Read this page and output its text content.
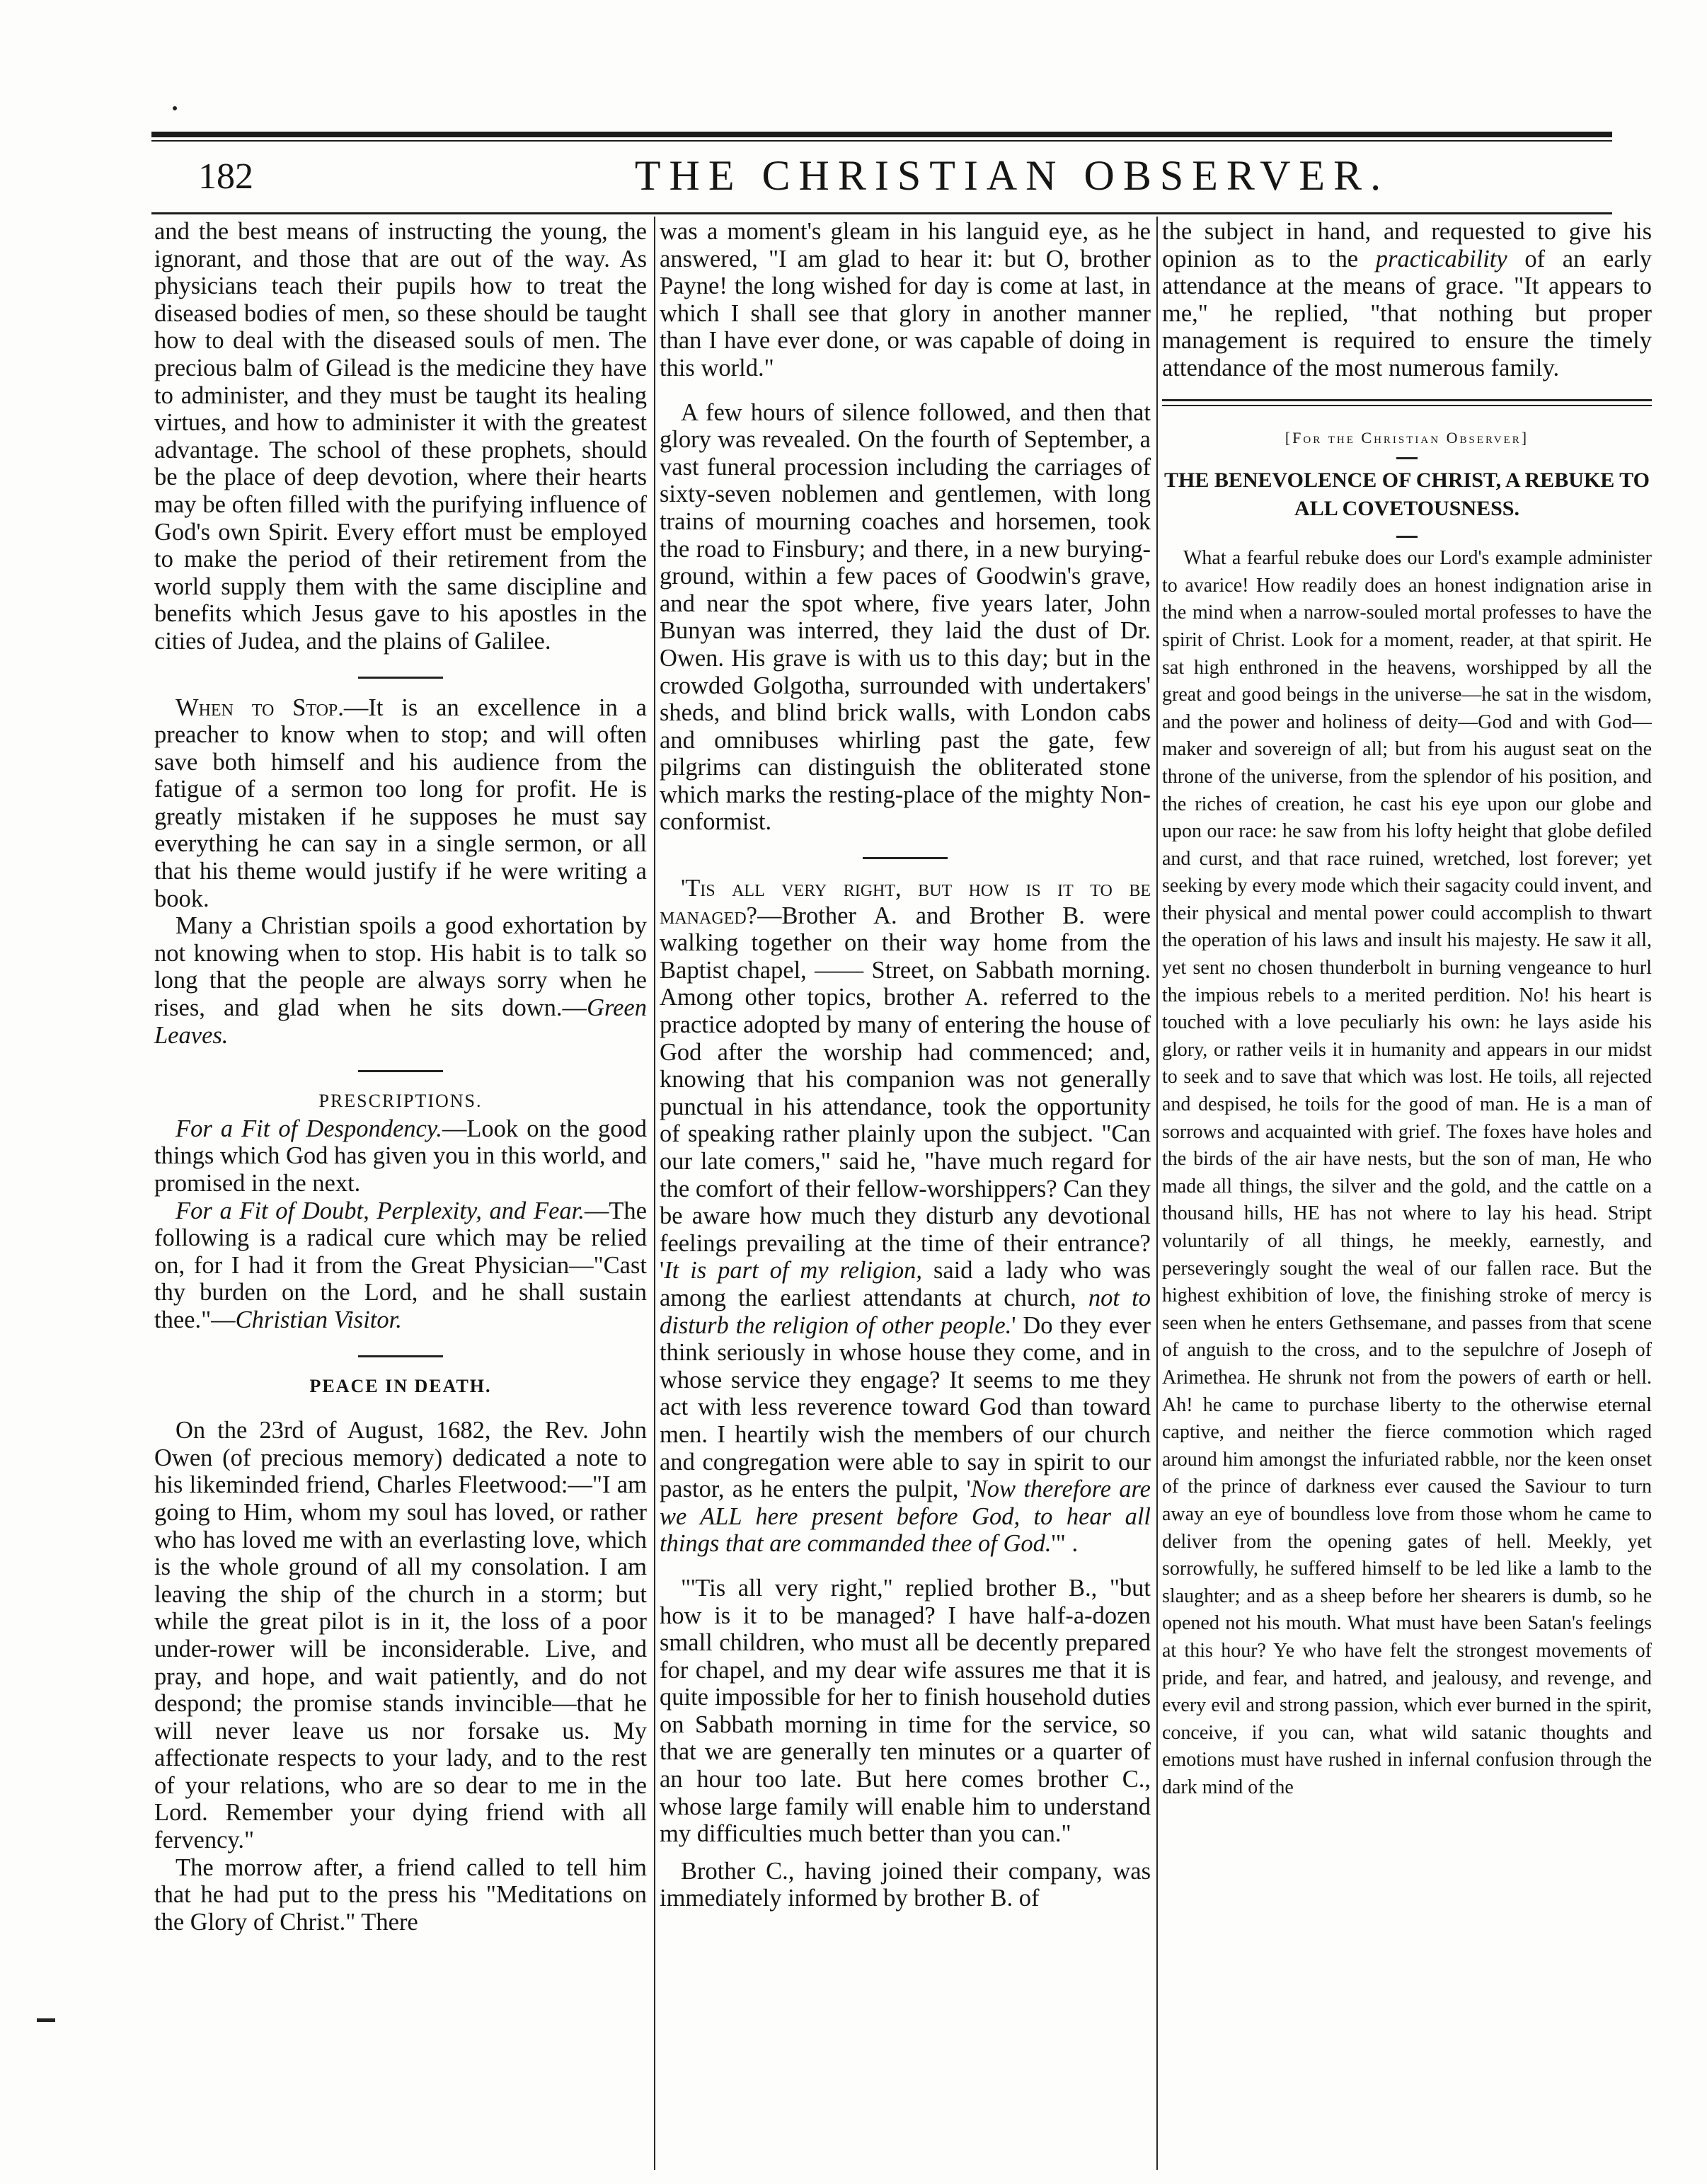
182	THE CHRISTIAN OBSERVER.

and the best means of instructing the young, the ignorant, and those that are out of the way. As physicians teach their pupils how to treat the diseased bodies of men, so these should be taught how to deal with the diseased souls of men. The precious balm of Gilead is the medicine they have to administer, and they must be taught its healing virtues, and how to administer it with the greatest advantage. The school of these prophets, should be the place of deep devotion, where their hearts may be often filled with the purifying influence of God's own Spirit. Every effort must be employed to make the period of their retirement from the world supply them with the same discipline and benefits which Jesus gave to his apostles in the cities of Judea, and the plains of Galilee.

When to Stop.—It is an excellence in a preacher to know when to stop; and will often save both himself and his audience from the fatigue of a sermon too long for profit. He is greatly mistaken if he supposes he must say everything he can say in a single sermon, or all that his theme would justify if he were writing a book.

Many a Christian spoils a good exhortation by not knowing when to stop. His habit is to talk so long that the people are always sorry when he rises, and glad when he sits down.—Green Leaves.

PRESCRIPTIONS.

For a Fit of Despondency.—Look on the good things which God has given you in this world, and promised in the next.

For a Fit of Doubt, Perplexity, and Fear.—The following is a radical cure which may be relied on, for I had it from the Great Physician—"Cast thy burden on the Lord, and he shall sustain thee."—Christian Visitor.

PEACE IN DEATH.

On the 23rd of August, 1682, the Rev. John Owen (of precious memory) dedicated a note to his likeminded friend, Charles Fleetwood:—"I am going to Him, whom my soul has loved, or rather who has loved me with an everlasting love, which is the whole ground of all my consolation. I am leaving the ship of the church in a storm; but while the great pilot is in it, the loss of a poor under-rower will be inconsiderable. Live, and pray, and hope, and wait patiently, and do not despond; the promise stands invincible—that he will never leave us nor forsake us. My affectionate respects to your lady, and to the rest of your relations, who are so dear to me in the Lord. Remember your dying friend with all fervency."

The morrow after, a friend called to tell him that he had put to the press his "Meditations on the Glory of Christ." There

was a moment's gleam in his languid eye, as he answered, "I am glad to hear it: but O, brother Payne! the long wished for day is come at last, in which I shall see that glory in another manner than I have ever done, or was capable of doing in this world."

A few hours of silence followed, and then that glory was revealed. On the fourth of September, a vast funeral procession including the carriages of sixty-seven noblemen and gentlemen, with long trains of mourning coaches and horsemen, took the road to Finsbury; and there, in a new burying-ground, within a few paces of Goodwin's grave, and near the spot where, five years later, John Bunyan was interred, they laid the dust of Dr. Owen. His grave is with us to this day; but in the crowded Golgotha, surrounded with undertakers' sheds, and blind brick walls, with London cabs and omnibuses whirling past the gate, few pilgrims can distinguish the obliterated stone which marks the resting-place of the mighty Non-conformist.

'Tis all very right, but how is it to be managed?—Brother A. and Brother B. were walking together on their way home from the Baptist chapel, —— Street, on Sabbath morning. Among other topics, brother A. referred to the practice adopted by many of entering the house of God after the worship had commenced; and, knowing that his companion was not generally punctual in his attendance, took the opportunity of speaking rather plainly upon the subject. "Can our late comers," said he, "have much regard for the comfort of their fellow-worshippers? Can they be aware how much they disturb any devotional feelings prevailing at the time of their entrance? 'It is part of my religion, said a lady who was among the earliest attendants at church, not to disturb the religion of other people.' Do they ever think seriously in whose house they come, and in whose service they engage? It seems to me they act with less reverence toward God than toward men. I heartily wish the members of our church and congregation were able to say in spirit to our pastor, as he enters the pulpit, 'Now therefore are we ALL here present before God, to hear all things that are commanded thee of God.'" .

"'Tis all very right," replied brother B., "but how is it to be managed? I have half-a-dozen small children, who must all be decently prepared for chapel, and my dear wife assures me that it is quite impossible for her to finish household duties on Sabbath morning in time for the service, so that we are generally ten minutes or a quarter of an hour too late. But here comes brother C., whose large family will enable him to understand my difficulties much better than you can."

Brother C., having joined their company, was immediately informed by brother B. of

the subject in hand, and requested to give his opinion as to the practicability of an early attendance at the means of grace. "It appears to me," he replied, "that nothing but proper management is required to ensure the timely attendance of the most numerous family.

[For the Christian Observer]
THE BENEVOLENCE OF CHRIST, A REBUKE TO ALL COVETOUSNESS.

What a fearful rebuke does our Lord's example administer to avarice! How readily does an honest indignation arise in the mind when a narrow-souled mortal professes to have the spirit of Christ. Look for a moment, reader, at that spirit. He sat high enthroned in the heavens, worshipped by all the great and good beings in the universe—he sat in the wisdom, and the power and holiness of deity—God and with God—maker and sovereign of all; but from his august seat on the throne of the universe, from the splendor of his position, and the riches of creation, he cast his eye upon our globe and upon our race: he saw from his lofty height that globe defiled and curst, and that race ruined, wretched, lost forever; yet seeking by every mode which their sagacity could invent, and their physical and mental power could accomplish to thwart the operation of his laws and insult his majesty. He saw it all, yet sent no chosen thunderbolt in burning vengeance to hurl the impious rebels to a merited perdition. No! his heart is touched with a love peculiarly his own: he lays aside his glory, or rather veils it in humanity and appears in our midst to seek and to save that which was lost. He toils, all rejected and despised, he toils for the good of man. He is a man of sorrows and acquainted with grief. The foxes have holes and the birds of the air have nests, but the son of man, He who made all things, the silver and the gold, and the cattle on a thousand hills, HE has not where to lay his head. Stript voluntarily of all things, he meekly, earnestly, and perseveringly sought the weal of our fallen race. But the highest exhibition of love, the finishing stroke of mercy is seen when he enters Gethsemane, and passes from that scene of anguish to the cross, and to the sepulchre of Joseph of Arimethea. He shrunk not from the powers of earth or hell. Ah! he came to purchase liberty to the otherwise eternal captive, and neither the fierce commotion which raged around him amongst the infuriated rabble, nor the keen onset of the prince of darkness ever caused the Saviour to turn away an eye of boundless love from those whom he came to deliver from the opening gates of hell. Meekly, yet sorrowfully, he suffered himself to be led like a lamb to the slaughter; and as a sheep before her shearers is dumb, so he opened not his mouth. What must have been Satan's feelings at this hour? Ye who have felt the strongest movements of pride, and fear, and hatred, and jealousy, and revenge, and every evil and strong passion, which ever burned in the spirit, conceive, if you can, what wild satanic thoughts and emotions must have rushed in infernal confusion through the dark mind of the
